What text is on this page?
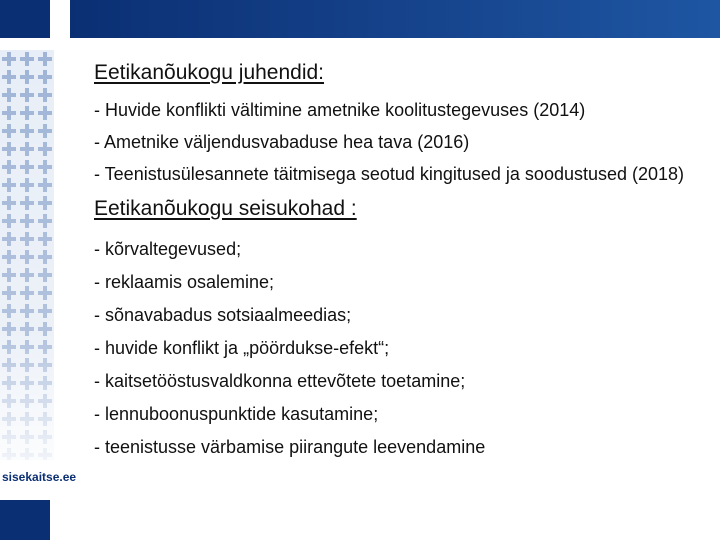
sisekaitse.ee
Eetikanõukogu juhendid:
- Huvide konflikti vältimine ametnike koolitustegevuses (2014)
- Ametnike väljendusvabaduse hea tava (2016)
- Teenistusülesannete täitmisega seotud kingitused ja soodustused (2018)
Eetikanõukogu seisukohad :
- kõrvaltegevused;
- reklaamis osalemine;
- sõnavabadus sotsiaalmeedias;
- huvide konflikt ja „pöördukse-efekt“;
- kaitsetööstusvaldkonna ettevõtete toetamine;
- lennuboonuspunktide kasutamine;
- teenistusse värbamise piirangute leevendamine
